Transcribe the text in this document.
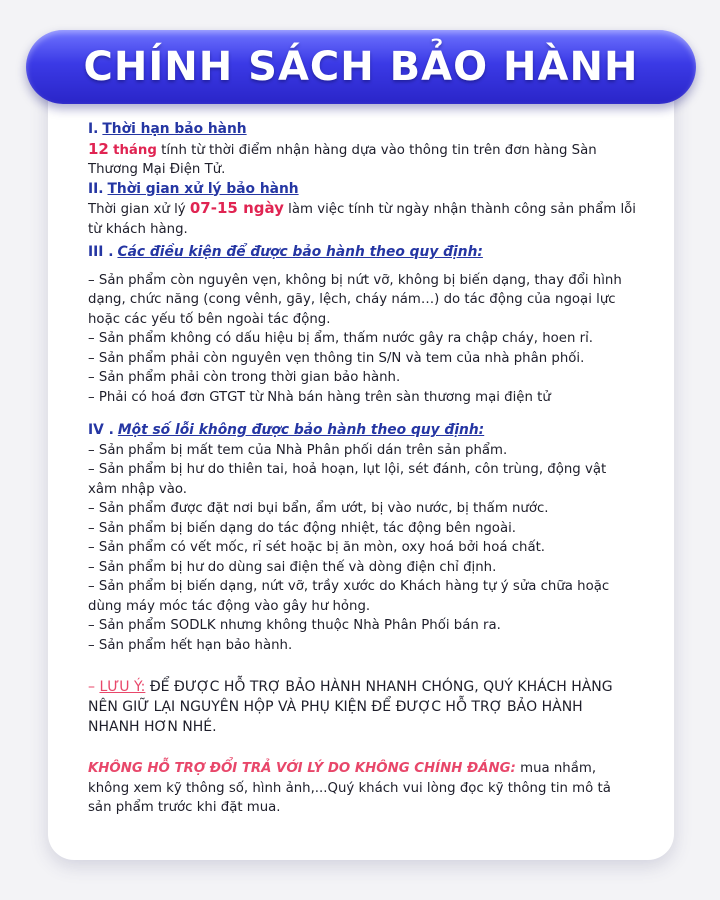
CHÍNH SÁCH BẢO HÀNH
I. Thời hạn bảo hành

12 tháng tính từ thời điểm nhận hàng dựa vào thông tin trên đơn hàng Sàn Thương Mại Điện Tử.

II. Thời gian xử lý bảo hành

Thời gian xử lý 07-15 ngày làm việc tính từ ngày nhận thành công sản phẩm lỗi từ khách hàng.

III . Các điều kiện để được bảo hành theo quy định:

– Sản phẩm còn nguyên vẹn, không bị nứt vỡ, không bị biến dạng, thay đổi hình dạng, chức năng (cong vênh, gãy, lệch, cháy nám…) do tác động của ngoại lực hoặc các yếu tố bên ngoài tác động.

– Sản phẩm không có dấu hiệu bị ẩm, thấm nước gây ra chập cháy, hoen rỉ.

– Sản phẩm phải còn nguyên vẹn thông tin S/N và tem của nhà phân phối.

– Sản phẩm phải còn trong thời gian bảo hành.

– Phải có hoá đơn GTGT từ Nhà bán hàng trên sàn thương mại điện tử

IV . Một số lỗi không được bảo hành theo quy định:

– Sản phẩm bị mất tem của Nhà Phân phối dán trên sản phẩm.

– Sản phẩm bị hư do thiên tai, hoả hoạn, lụt lội, sét đánh, côn trùng, động vật xâm nhập vào.

– Sản phẩm được đặt nơi bụi bẩn, ẩm ướt, bị vào nước, bị thấm nước.

– Sản phẩm bị biến dạng do tác động nhiệt, tác động bên ngoài.

– Sản phẩm có vết mốc, rỉ sét hoặc bị ăn mòn, oxy hoá bởi hoá chất.

– Sản phẩm bị hư do dùng sai điện thế và dòng điện chỉ định.

– Sản phẩm bị biến dạng, nứt vỡ, trầy xước do Khách hàng tự ý sửa chữa hoặc dùng máy móc tác động vào gây hư hỏng.

– Sản phẩm SODLK nhưng không thuộc Nhà Phân Phối bán ra.

– Sản phẩm hết hạn bảo hành.

– LƯU Ý: ĐỂ ĐƯỢC HỖ TRỢ BẢO HÀNH NHANH CHÓNG, QUÝ KHÁCH HÀNG NÊN GIỮ LẠI NGUYÊN HỘP VÀ PHỤ KIỆN ĐỂ ĐƯỢC HỖ TRỢ BẢO HÀNH NHANH HƠN NHÉ.

KHÔNG HỖ TRỢ ĐỔI TRẢ VỚI LÝ DO KHÔNG CHÍNH ĐÁNG: mua nhầm, không xem kỹ thông số, hình ảnh,...Quý khách vui lòng đọc kỹ thông tin mô tả sản phẩm trước khi đặt mua.
